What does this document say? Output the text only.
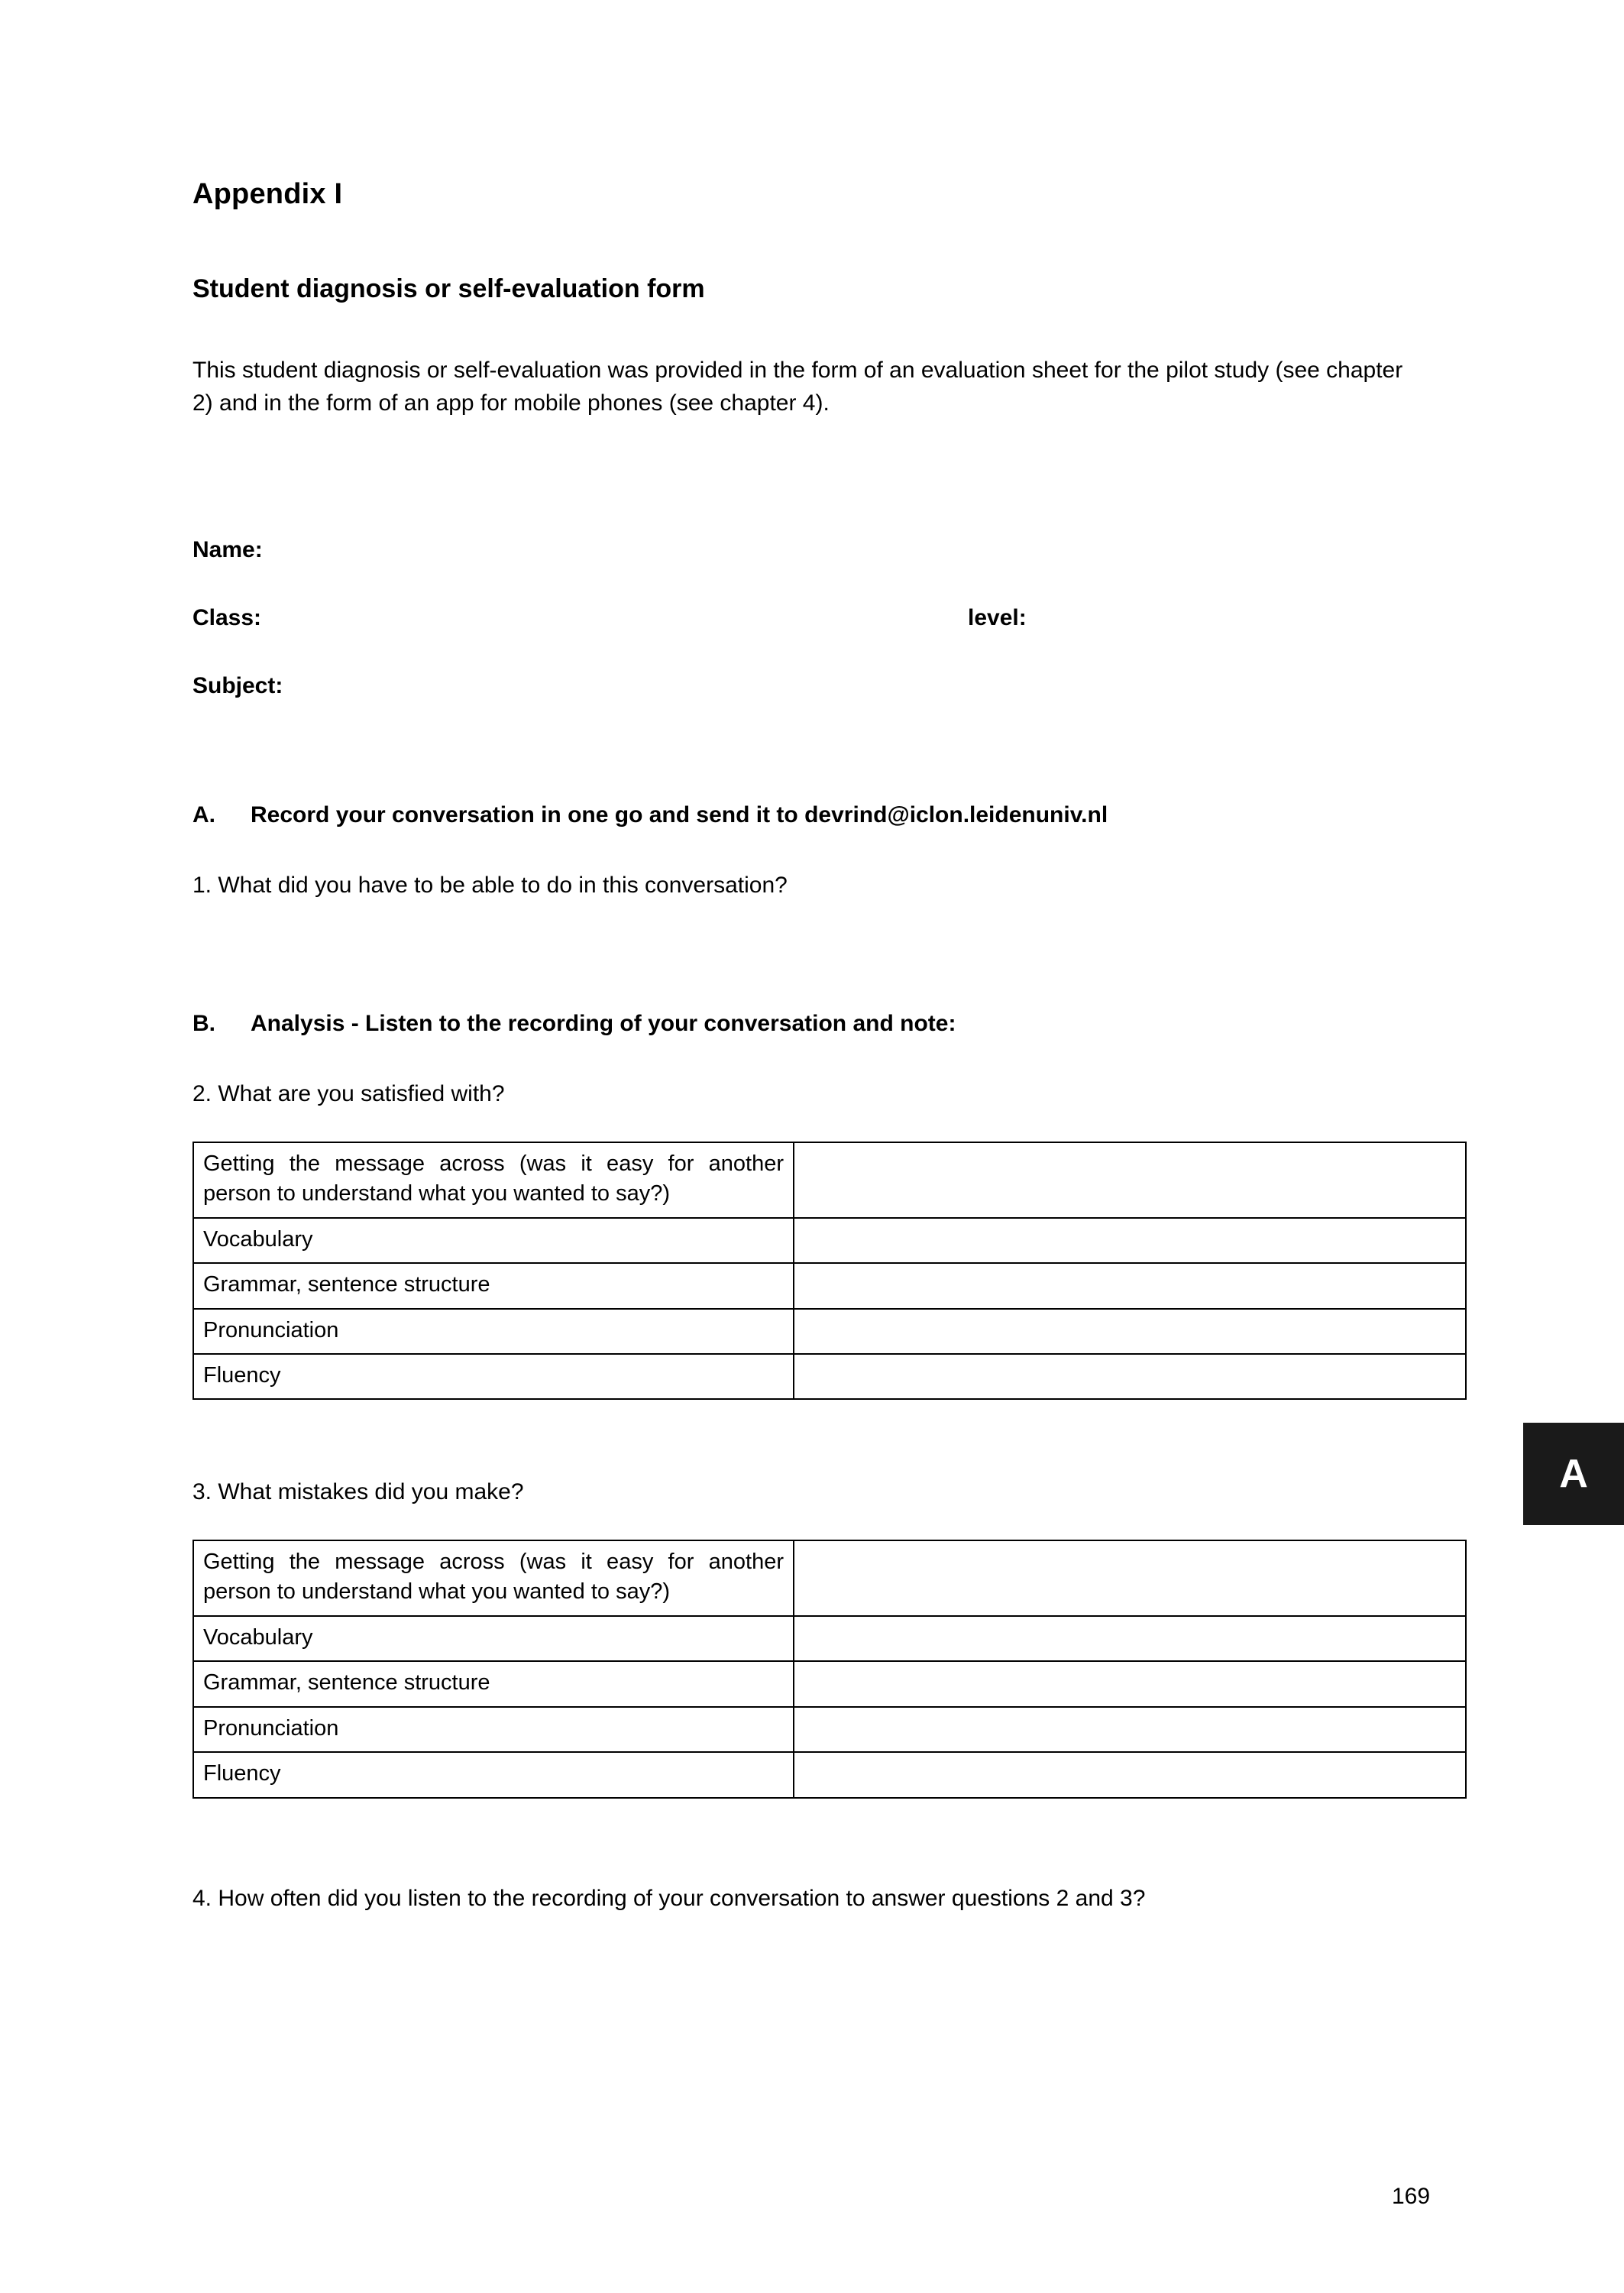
Appendix I
Student diagnosis or self-evaluation form

This student diagnosis or self-evaluation was provided in the form of an evaluation sheet for the pilot study (see chapter 2) and in the form of an app for mobile phones (see chapter 4).

Name:
Class:	level:
Subject:
A. Record your conversation in one go and send it to devrind@iclon.leidenuniv.nl

1. What did you have to be able to do in this conversation?

B. Analysis - Listen to the recording of your conversation and note:

2. What are you satisfied with?

Getting the message across (was it easy for another person to understand what you wanted to say?)	
Vocabulary	
Grammar, sentence structure	
Pronunciation	
Fluency	

3. What mistakes did you make?

Getting the message across (was it easy for another person to understand what you wanted to say?)	
Vocabulary	
Grammar, sentence structure	
Pronunciation	
Fluency	

4. How often did you listen to the recording of your conversation to answer questions 2 and 3?

A
169
